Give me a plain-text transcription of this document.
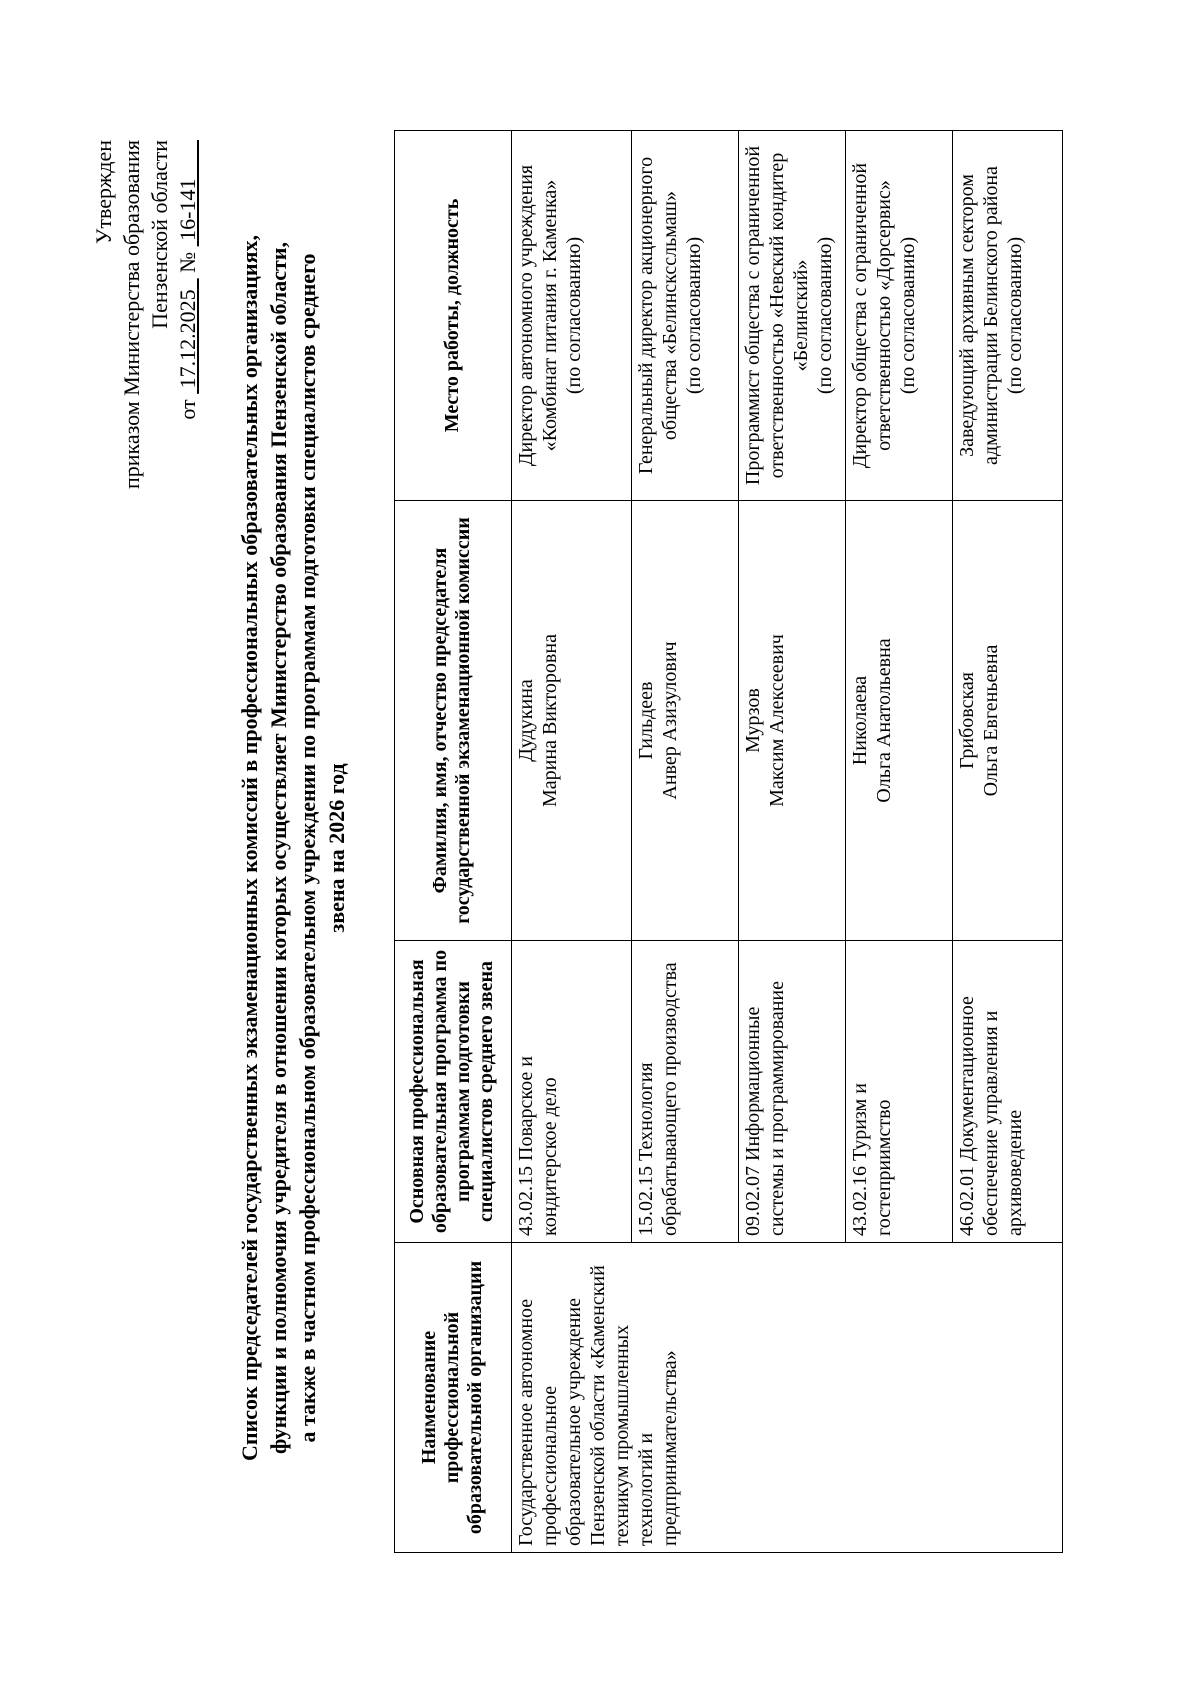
Утвержден приказом Министерства образования Пензенской области
от  17.12.2025   №  16-141
Список председателей государственных экзаменационных комиссий в профессиональных образовательных организациях, функции и полномочия учредителя в отношении которых осуществляет Министерство образования Пензенской области, а также в частном профессиональном образовательном учреждении по программам подготовки специалистов среднего звена на 2026 год
Наименование профессиональной образовательной организации	Основная профессиональная образовательная программа по программам подготовки специалистов среднего звена	Фамилия, имя, отчество председателя государственной экзаменационной комиссии	Место работы, должность
Государственное автономное профессиональное образовательное учреждение Пензенской области «Каменский техникум промышленных технологий и предпринимательства»	43.02.15 Поварское и кондитерское дело	Дудукина Марина Викторовна	Директор автономного учреждения «Комбинат питания г. Каменка» (по согласованию)

	15.02.15 Технология обрабатывающего производства	Гильдеев Анвер Азизулович	Генеральный директор акционерного общества «Белинскссльмаш» (по согласованию)

	09.02.07 Информационные системы и программирование	Мурзов Максим Алексеевич	Программист общества с ограниченной ответственностью «Невский кондитер «Белинский» (по согласованию)

	43.02.16 Туризм и гостеприимство	Николаева Ольга Анатольевна	Директор общества с ограниченной ответственностью «Дорсервис» (по согласованию)

	46.02.01 Документационное обеспечение управления и архивоведение	Грибовская Ольга Евгеньевна	Заведующий архивным сектором администрации Белинского района (по согласованию)
